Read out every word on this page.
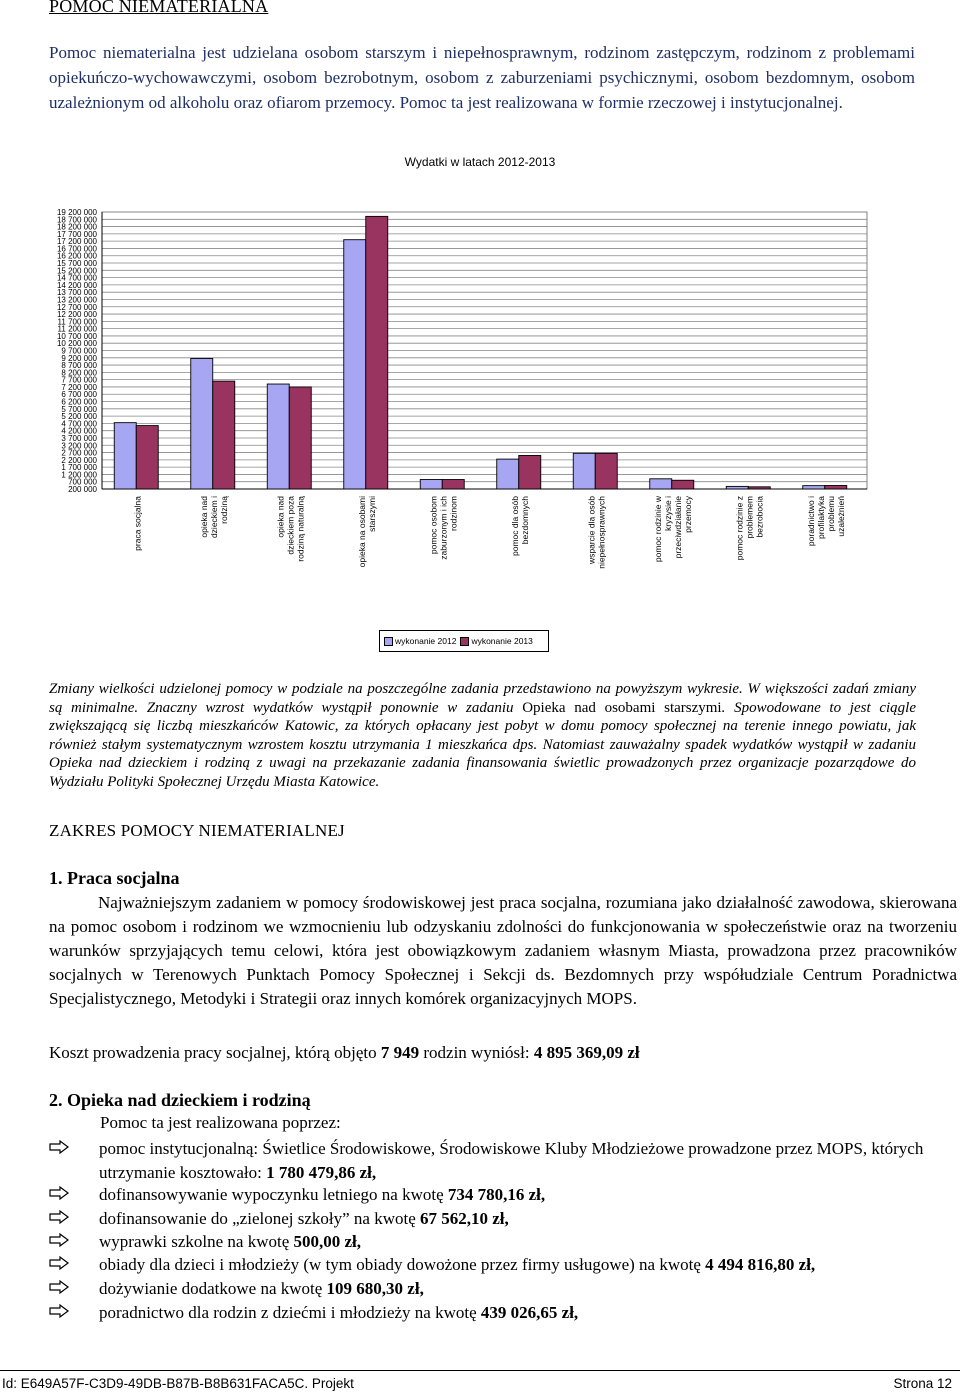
POMOC NIEMATERIALNA
Pomoc niematerialna jest udzielana osobom starszym i niepełnosprawnym, rodzinom zastępczym, rodzinom z problemami opiekuńczo-wychowawczymi, osobom bezrobotnym, osobom z zaburzeniami psychicznymi, osobom bezdomnym, osobom uzależnionym od alkoholu oraz ofiarom przemocy. Pomoc ta jest realizowana w formie rzeczowej i instytucjonalnej.
Wydatki w latach 2012-2013
19 200 000
18 700 000
18 200 000
17 700 000
17 200 000
16 700 000
16 200 000
15 700 000
15 200 000
14 700 000
14 200 000
13 700 000
13 200 000
12 700 000
12 200 000
11 700 000
11 200 000
10 700 000
10 200 000
9 700 000
9 200 000
8 700 000
8 200 000
7 700 000
7 200 000
6 700 000
6 200 000
5 700 000
5 200 000
4 700 000
4 200 000
3 700 000
3 200 000
2 700 000
2 200 000
1 700 000
1 200 000
700 000
200 000
praca socjalna	opieka nad dzieckiem i rodziną	opieka nad dzieckiem poza rodziną naturalną	opieka na osobami starszymi	pomoc osobom zaburzonym i ich rodzinom	pomoc dla osób bezdomnych	wsparcie dla osób niepełnosprawnych	pomoc rodzinie w kryzysie i przeciwdziałanie przemocy	pomoc rodzinie z problemem bezrobocia	poradnictwo i profilaktyka problemu uzależnień
wykonanie 2012 wykonanie 2013
Zmiany wielkości udzielonej pomocy w podziale na poszczególne zadania przedstawiono na powyższym wykresie. W większości zadań zmiany są minimalne. Znaczny wzrost wydatków wystąpił ponownie w zadaniu Opieka nad osobami starszymi. Spowodowane to jest ciągle zwiększającą się liczbą mieszkańców Katowic, za których opłacany jest pobyt w domu pomocy społecznej na terenie innego powiatu, jak również stałym systematycznym wzrostem kosztu utrzymania 1 mieszkańca dps. Natomiast zauważalny spadek wydatków wystąpił w zadaniu Opieka nad dzieckiem i rodziną z uwagi na przekazanie zadania finansowania świetlic prowadzonych przez organizacje pozarządowe do Wydziału Polityki Społecznej Urzędu Miasta Katowice.
ZAKRES POMOCY NIEMATERIALNEJ
1. Praca socjalna
Najważniejszym zadaniem w pomocy środowiskowej jest praca socjalna, rozumiana jako działalność zawodowa, skierowana na pomoc osobom i rodzinom we wzmocnieniu lub odzyskaniu zdolności do funkcjonowania w społeczeństwie oraz na tworzeniu warunków sprzyjających temu celowi, która jest obowiązkowym zadaniem własnym Miasta, prowadzona przez pracowników socjalnych w Terenowych Punktach Pomocy Społecznej i Sekcji ds. Bezdomnych przy współudziale Centrum Poradnictwa Specjalistycznego, Metodyki i Strategii oraz innych komórek organizacyjnych MOPS.
Koszt prowadzenia pracy socjalnej, którą objęto 7 949 rodzin wyniósł: 4 895 369,09 zł
2. Opieka nad dzieckiem i rodziną
Pomoc ta jest realizowana poprzez:
pomoc instytucjonalną: Świetlice Środowiskowe, Środowiskowe Kluby Młodzieżowe prowadzone przez MOPS, których utrzymanie kosztowało: 1 780 479,86 zł,
dofinansowywanie wypoczynku letniego na kwotę 734 780,16 zł,
dofinansowanie do „zielonej szkoły” na kwotę 67 562,10 zł,
wyprawki szkolne na kwotę 500,00 zł,
obiady dla dzieci i młodzieży (w tym obiady dowożone przez firmy usługowe) na kwotę 4 494 816,80 zł,
dożywianie dodatkowe na kwotę 109 680,30 zł,
poradnictwo dla rodzin z dziećmi i młodzieży na kwotę 439 026,65 zł,
Id: E649A57F-C3D9-49DB-B87B-B8B631FACA5C. Projekt	Strona 12
